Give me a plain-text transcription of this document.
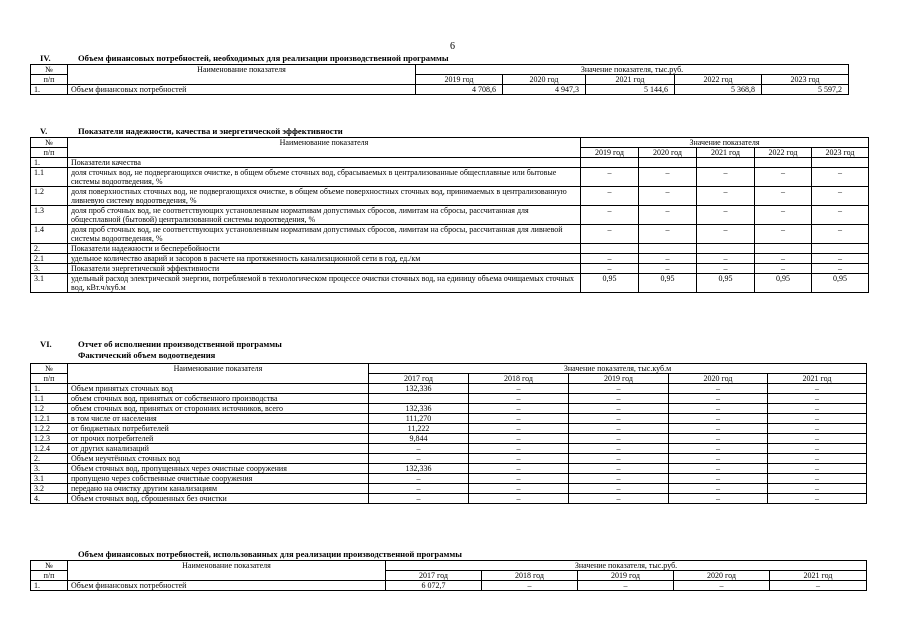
6
IV.	Объем финансовых потребностей, необходимых для реализации производственной программы
№	Наименование показателя	Значение показателя, тыс.руб.				
п/п		2019 год	2020 год	2021 год	2022 год	2023 год
1.	Объем финансовых потребностей	4 708,6	4 947,3	5 144,6	5 368,8	5 597,2
V.	Показатели надежности, качества и энергетической эффективности
№	Наименование показателя	Значение показателя				
п/п		2019 год	2020 год	2021 год	2022 год	2023 год
1.	Показатели качества					
1.1	доля сточных вод, не подвергающихся очистке, в общем объеме сточных вод, сбрасываемых в централизованные общесплавные или бытовые системы водоотведения, %	–	–	–	–	–
1.2	доля поверхностных сточных вод, не подвергающихся очистке, в общем объеме поверхностных сточных вод, принимаемых в централизованную ливневую систему водоотведения, %	–	–	–	–	–
1.3	доля проб сточных вод, не соответствующих установленным нормативам допустимых сбросов, лимитам на сбросы, рассчитанная для общесплавной (бытовой) централизованной системы водоотведения, %	–	–	–	–	–
1.4	доля проб сточных вод, не соответствующих установленным нормативам допустимых сбросов, лимитам на сбросы, рассчитанная для ливневой системы водоотведения, %	–	–	–	–	–
2.	Показатели надежности и бесперебойности					
2.1	удельное количество аварий и засоров в расчете на протяженность канализационной сети в год, ед./км	–	–	–	–	–
3.	Показатели энергетической эффективности	–	–	–	–	–
3.1	удельный расход электрической энергии, потребляемой в технологическом процессе очистки сточных вод, на единицу объема очищаемых сточных вод, кВт.ч/куб.м	0,95	0,95	0,95	0,95	0,95
VI.	Отчет об исполнении производственной программы
Фактический объем водоотведения
№	Наименование показателя	Значение показателя, тыс.куб.м				
п/п		2017 год	2018 год	2019 год	2020 год	2021 год
1.	Объем принятых сточных вод	132,336	–	–	–	–
1.1	объем сточных вод, принятых от собственного производства		–	–	–	–
1.2	объем сточных вод, принятых от сторонних источников, всего	132,336	–	–	–	–
1.2.1	в том числе от населения	111,270	–	–	–	–
1.2.2	от бюджетных потребителей	11,222	–	–	–	–
1.2.3	от прочих потребителей	9,844	–	–	–	–
1.2.4	от других канализаций	–	–	–	–	–
2.	Объем неучтённых сточных вод	–	–	–	–	–
3.	Объем сточных вод, пропущенных через очистные сооружения	132,336	–	–	–	–
3.1	пропущено через собственные очистные сооружения	–	–	–	–	–
3.2	передано на очистку другим канализациям	–	–	–	–	–
4.	Объем сточных вод, сброшенных без очистки	–	–	–	–	–
Объем финансовых потребностей, использованных для реализации производственной программы
№	Наименование показателя	Значение показателя, тыс.руб.				
п/п		2017 год	2018 год	2019 год	2020 год	2021 год
1.	Объем финансовых потребностей	6 072,7	–	–	–	–
